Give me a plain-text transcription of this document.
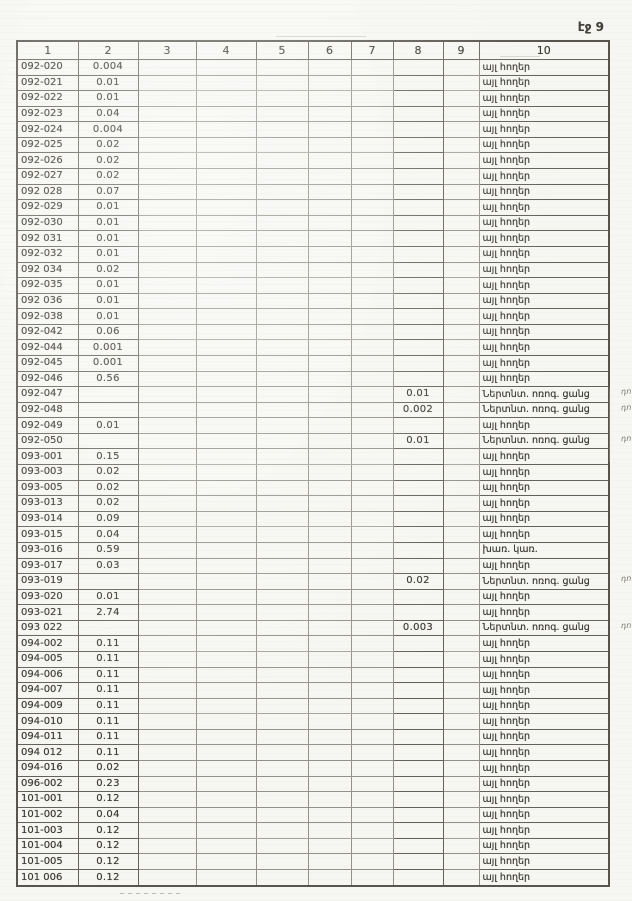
էջ 9
1	2	3	4	5	6	7	8	9	10
092-020	0.004								այլ հողեր
092-021	0.01								այլ հողեր
092-022	0.01								այլ հողեր
092-023	0.04								այլ հողեր
092-024	0.004								այլ հողեր
092-025	0.02								այլ հողեր
092-026	0.02								այլ հողեր
092-027	0.02								այլ հողեր
092 028	0.07								այլ հողեր
092-029	0.01								այլ հողեր
092-030	0.01								այլ հողեր
092 031	0.01								այլ հողեր
092-032	0.01								այլ հողեր
092 034	0.02								այլ հողեր
092-035	0.01								այլ հողեր
092 036	0.01								այլ հողեր
092-038	0.01								այլ հողեր
092-042	0.06								այլ հողեր
092-044	0.001								այլ հողեր
092-045	0.001								այլ հողեր
092-046	0.56								այլ հողեր
092-047							0.01		Ներտնտ. ոռոգ. ցանց դո

092-048							0.002		Ներտնտ. ոռոգ. ցանց դո

092-049	0.01								այլ հողեր
092-050							0.01		Ներտնտ. ոռոգ. ցանց դո

093-001	0.15								այլ հողեր
093-003	0.02								այլ հողեր
093-005	0.02								այլ հողեր
093-013	0.02								այլ հողեր
093-014	0.09								այլ հողեր
093-015	0.04								այլ հողեր
093-016	0.59								խառ. կառ.
093-017	0.03								այլ հողեր
093-019							0.02		Ներտնտ. ոռոգ. ցանց դո

093-020	0.01								այլ հողեր
093-021	2.74								այլ հողեր
093 022							0.003		Ներտնտ. ոռոգ. ցանց դո

094-002	0.11								այլ հողեր
094-005	0.11								այլ հողեր
094-006	0.11								այլ հողեր
094-007	0.11								այլ հողեր
094-009	0.11								այլ հողեր
094-010	0.11								այլ հողեր
094-011	0.11								այլ հողեր
094 012	0.11								այլ հողեր
094-016	0.02								այլ հողեր
096-002	0.23								այլ հողեր
101-001	0.12								այլ հողեր
101-002	0.04								այլ հողեր
101-003	0.12								այլ հողեր
101-004	0.12								այլ հողեր
101-005	0.12								այլ հողեր
101 006	0.12								այլ հողեր
